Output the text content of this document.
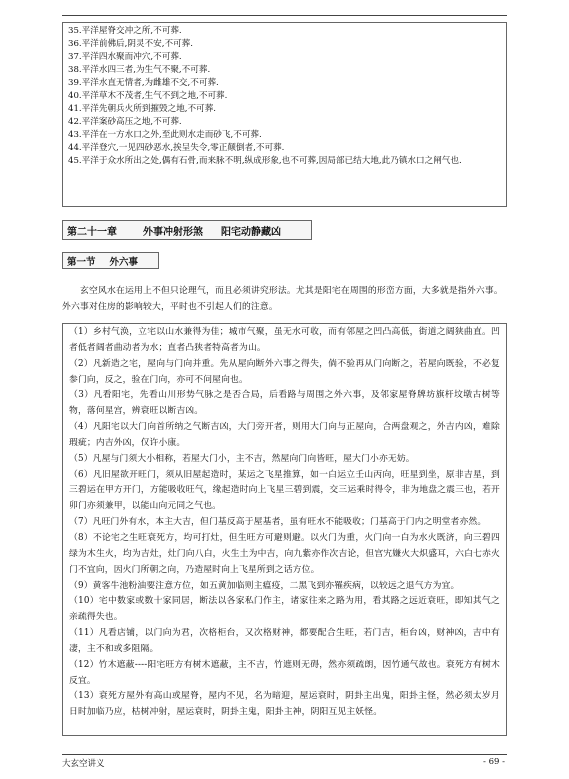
35.平洋屋脊交冲之所,不可葬.
36.平洋前佛后,阴灵不安,不可葬.
37.平洋四水聚而冲穴,不可葬.
38.平洋水四三者,为生气不聚,不可葬.
39.平洋水直无情者,为雌雄不交,不可葬.
40.平洋草木不茂者,生气不到之地,不可葬.
41.平洋先朝兵火所到摧毁之地,不可葬.
42.平洋案砂高压之地,不可葬.
43.平洋在一方水口之外,至此则水走而砂飞,不可葬.
44.平洋登穴,一见四砂恶水,挨呈失令,零正颠倒者,不可葬.
45.平洋于众水所出之处,偶有石骨,而来脉不明,纵成形象,也不可葬,因局部已结大地,此乃镇水口之闸气也.
第二十一章	外事冲射形煞 阳宅动静藏凶
第一节 外六事
玄空风水在运用上不但只论理气，而且必须讲究形法。尤其是阳宅在周围的形峦方面，大多就是指外六事。外六事对住房的影响较大，平时也不引起人们的注意。
（1）乡村气涣，立宅以山水兼得为佳；城市气聚，虽无水可收，而有邻屋之凹凸高低，街道之阔狭曲直。凹者低者阔者曲动者为水；直者凸狭者特高者为山。
（2）凡新造之宅，屋向与门向并重。先从屋向断外六事之得失，倘不验再从门向断之，若屋向既验，不必复参门向，反之，验在门向，亦可不问屋向也。
（3）凡看阳宅，先看山川形势气脉之是否合局，后看路与周围之外六事，及邻家屋脊牌坊旗杆坟墩古树等物，落何星宫，辨衰旺以断吉凶。
（4）凡阳宅以大门向首所纳之气断吉凶，大门旁开者，则用大门向与正屋向，合两盘观之，外吉内凶，难除瑕疵；内吉外凶，仅许小康。
（5）凡屋与门须大小相称，若屋大门小，主不吉，然屋向门向皆旺，屋大门小亦无妨。
（6）凡旧屋欲开旺门，须从旧屋起造时，某运之飞星推算，如一白运立壬山丙向，旺星到坐，原非吉星，到三碧运在甲方开门，方能吸收旺气，缘起造时向上飞星三碧到震，交三运乘时得令，非为地盘之震三也，若开卯门亦须兼甲，以能山向元同之气也。
（7）凡旺门外有水，本主大吉，但门基反高于屋基者，虽有旺水不能吸收；门基高于门内之明堂者亦然。
（8）不论宅之生旺衰死方，均可打灶，但生旺方可避则避。以火门为重，火门向一白为水火既济，向三碧四绿为木生火，均为吉灶，灶门向八白，火生土为中吉，向九紫亦作次吉论，但宫宄嫌火大炽盛耳，六白七赤火门不宜向，因火门所朝之向，乃造屋时向上飞星所到之话方位。
（9）黄客牛池粉油要注意方位，如五黄加临则主瘟疫，二黑飞到亦罹疾病，以较远之退气方为宜。
（10）宅中数家或数十家同居，断法以各家私门作主，诸家往来之路为用，看其路之远近衰旺，即知其气之亲疏得失也。
（11）凡看店铺，以门向为君，次格柜台，又次格财神，都要配合生旺，若门吉，柜台凶，财神凶，吉中有凄，主不和或多阻隔。
（12）竹木遮蔽----阳宅旺方有树木遮蔽，主不吉，竹遮则无碍，然亦须疏朗，因竹通气故也。衰死方有树木反宜。
（13）衰死方屋外有高山或屋脊，屋内不见，名为暗迎，屋运衰时，阴卦主出鬼，阳卦主怪，然必须太岁月日时加临乃应，枯树冲射，屋运衰时，阴卦主鬼，阳卦主神，阴阳互见主妖怪。
大玄空讲义	- 69 -
